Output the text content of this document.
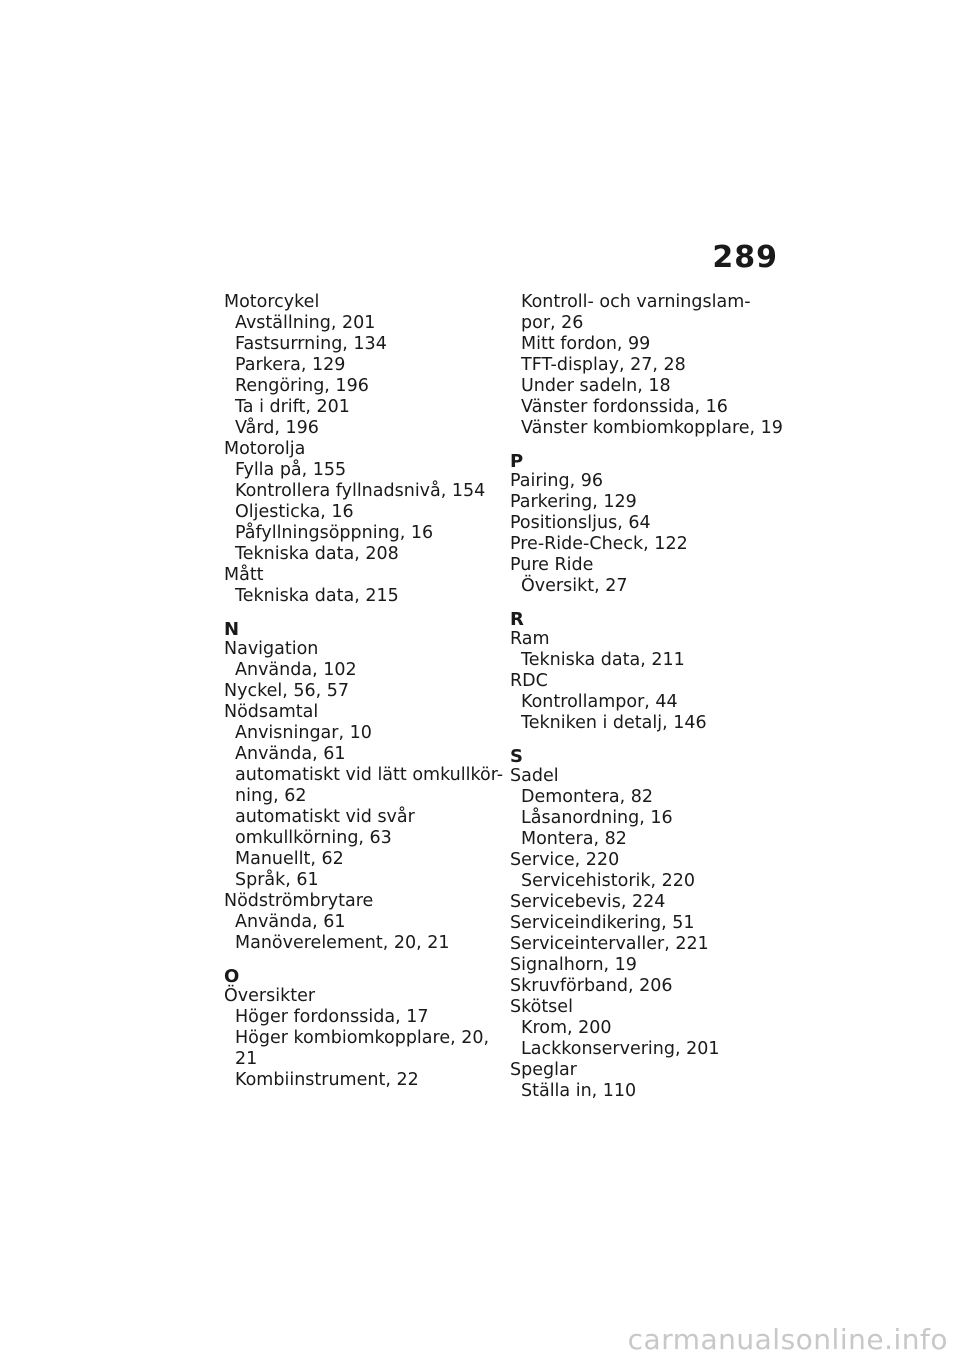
289
Motorcykel
Avställning, 201
Fastsurrning, 134
Parkera, 129
Rengöring, 196
Ta i drift, 201
Vård, 196
Motorolja
Fylla på, 155
Kontrollera fyllnadsnivå, 154
Oljesticka, 16
Påfyllningsöppning, 16
Tekniska data, 208
Mått
Tekniska data, 215
N
Navigation
Använda, 102
Nyckel, 56, 57
Nödsamtal
Anvisningar, 10
Använda, 61
automatiskt vid lätt omkullkör-
ning, 62
automatiskt vid svår
omkullkörning, 63
Manuellt, 62
Språk, 61
Nödströmbrytare
Använda, 61
Manöverelement, 20, 21
O
Översikter
Höger fordonssida, 17
Höger kombiomkopplare, 20,
21
Kombiinstrument, 22
Kontroll- och varningslam-
por, 26
Mitt fordon, 99
TFT-display, 27, 28
Under sadeln, 18
Vänster fordonssida, 16
Vänster kombiomkopplare, 19
P
Pairing, 96
Parkering, 129
Positionsljus, 64
Pre-Ride-Check, 122
Pure Ride
Översikt, 27
R
Ram
Tekniska data, 211
RDC
Kontrollampor, 44
Tekniken i detalj, 146
S
Sadel
Demontera, 82
Låsanordning, 16
Montera, 82
Service, 220
Servicehistorik, 220
Servicebevis, 224
Serviceindikering, 51
Serviceintervaller, 221
Signalhorn, 19
Skruvförband, 206
Skötsel
Krom, 200
Lackkonservering, 201
Speglar
Ställa in, 110
carmanualsonline.info
